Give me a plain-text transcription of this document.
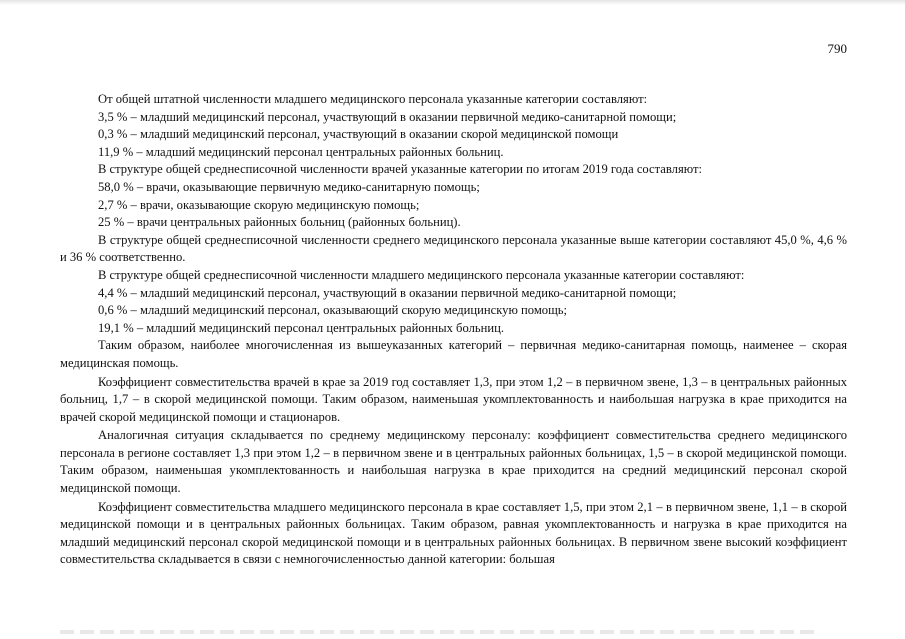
790

От общей штатной численности младшего медицинского персонала указанные категории составляют:

3,5 % – младший медицинский персонал, участвующий в оказании первичной медико-санитарной помощи;

0,3 % – младший медицинский персонал, участвующий в оказании скорой медицинской помощи

11,9 % – младший медицинский персонал центральных районных больниц.

В структуре общей среднесписочной численности врачей указанные категории по итогам 2019 года составляют:

58,0 % – врачи, оказывающие первичную медико-санитарную помощь;

2,7 % – врачи, оказывающие скорую медицинскую помощь;

25 % – врачи центральных районных больниц (районных больниц).

В структуре общей среднесписочной численности среднего медицинского персонала указанные выше категории составляют 45,0 %, 4,6 % и 36 % соответственно.

В структуре общей среднесписочной численности младшего медицинского персонала указанные категории составляют:

4,4 % – младший медицинский персонал, участвующий в оказании первичной медико-санитарной помощи;

0,6 % – младший медицинский персонал, оказывающий скорую медицинскую помощь;

19,1 % – младший медицинский персонал центральных районных больниц.

Таким образом, наиболее многочисленная из вышеуказанных категорий – первичная медико-санитарная помощь, наименее – скорая медицинская помощь.

Коэффициент совместительства врачей в крае за 2019 год составляет 1,3, при этом 1,2 – в первичном звене, 1,3 – в центральных районных больниц, 1,7 – в скорой медицинской помощи. Таким образом, наименьшая укомплектованность и наибольшая нагрузка в крае приходится на врачей скорой медицинской помощи и стационаров.

Аналогичная ситуация складывается по среднему медицинскому персоналу: коэффициент совместительства среднего медицинского персонала в регионе составляет 1,3 при этом 1,2 – в первичном звене и в центральных районных больницах, 1,5 – в скорой медицинской помощи. Таким образом, наименьшая укомплектованность и наибольшая нагрузка в крае приходится на средний медицинский персонал скорой медицинской помощи.

Коэффициент совместительства младшего медицинского персонала в крае составляет 1,5, при этом 2,1 – в первичном звене, 1,1 – в скорой медицинской помощи и в центральных районных больницах. Таким образом, равная укомплектованность и нагрузка в крае приходится на младший медицинский персонал скорой медицинской помощи и в центральных районных больницах. В первичном звене высокий коэффициент совместительства складывается в связи с немногочисленностью данной категории: большая
